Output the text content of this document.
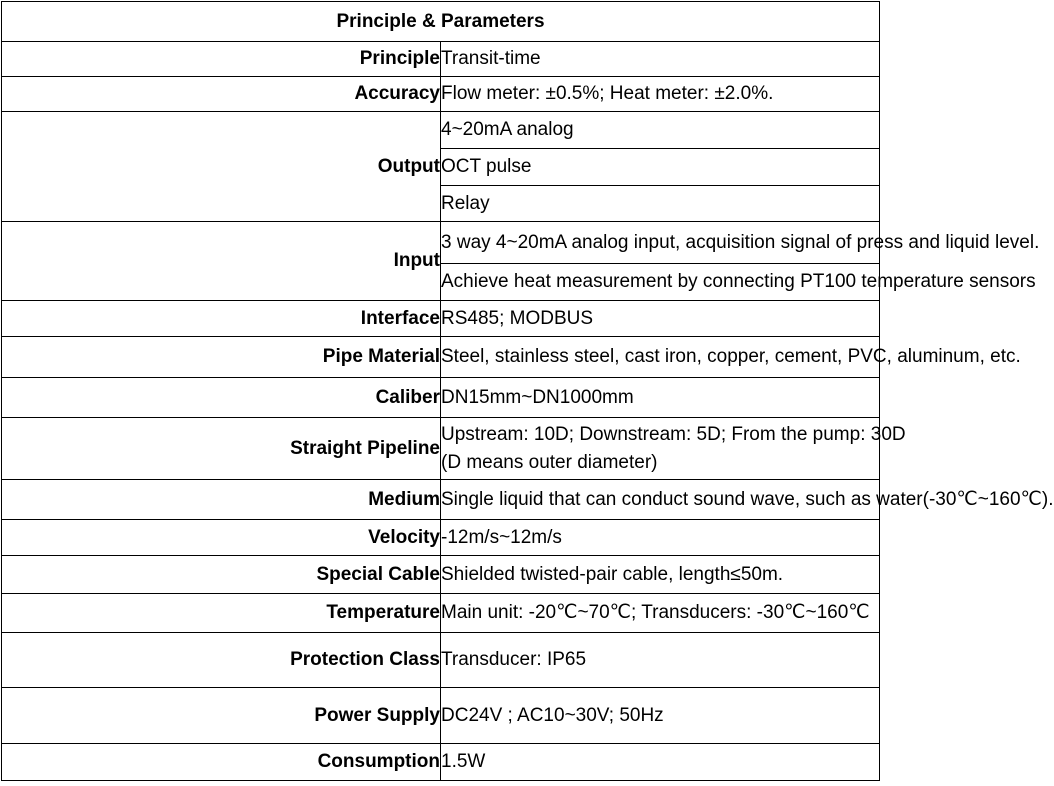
Principle & Parameters	
Principle	Transit-time
Accuracy	Flow meter: ±0.5%; Heat meter: ±2.0%.
Output	4~20mA analog
	OCT pulse
	Relay
Input	3 way 4~20mA analog input, acquisition signal of press and liquid level.
	Achieve heat measurement by connecting PT100 temperature sensors
Interface	RS485; MODBUS
Pipe Material	Steel, stainless steel, cast iron, copper, cement, PVC, aluminum, etc.
Caliber	DN15mm~DN1000mm
Straight Pipeline	Upstream: 10D; Downstream: 5D; From the pump: 30D
(D means outer diameter)

Medium	Single liquid that can conduct sound wave, such as water(-30℃~160℃).
Velocity	-12m/s~12m/s
Special Cable	Shielded twisted-pair cable, length≤50m.
Temperature	Main unit: -20℃~70℃; Transducers: -30℃~160℃
Protection Class	Transducer: IP65
Power Supply	DC24V ; AC10~30V; 50Hz
Consumption	1.5W
